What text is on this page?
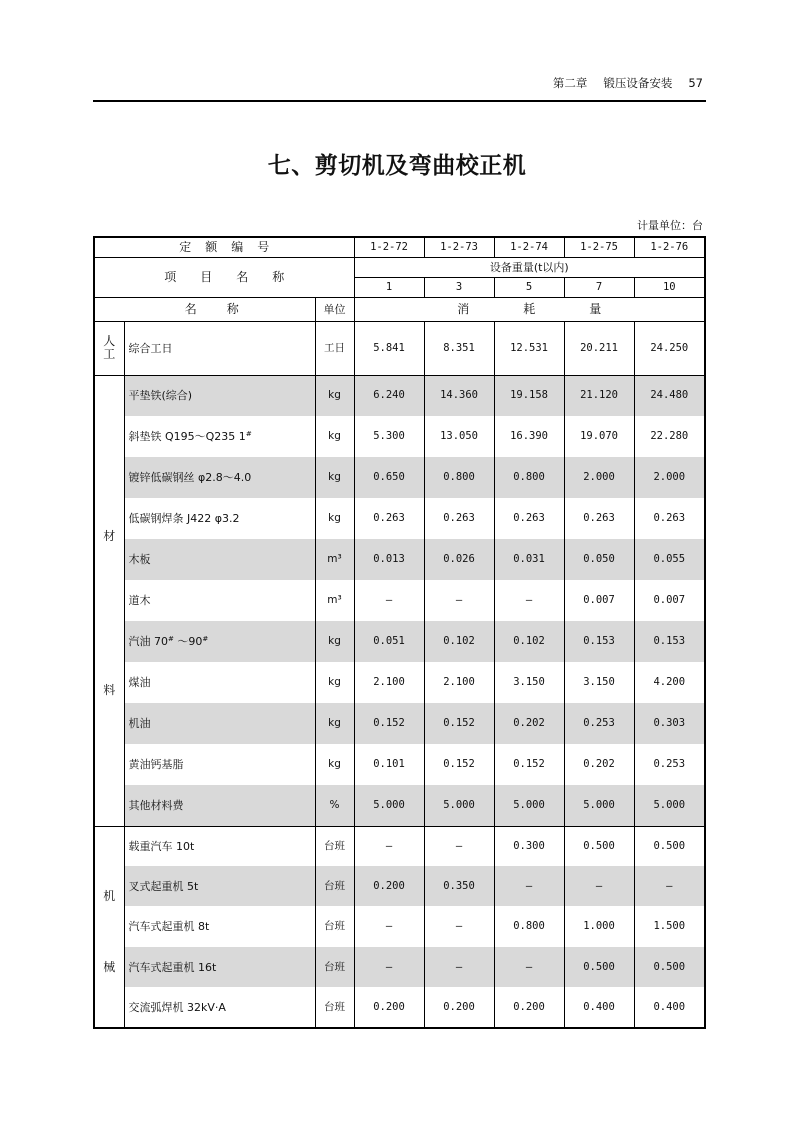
第二章 锻压设备安装 57
七、剪切机及弯曲校正机
计量单位：台
定额编号			1-2-72	1-2-73	1-2-74	1-2-75	1-2-76
项目名称			设备重量(t以内)				
			1	3	5	7	10
名称		单位	消耗量				

人
工	综合工日	工日	5.841	8.351	12.531	20.211	24.250

材
料	平垫铁(综合)	kg	6.240	14.360	19.158	21.120	24.480
	斜垫铁 Q195～Q235 1#	kg	5.300	13.050	16.390	19.070	22.280
	镀锌低碳钢丝 φ2.8～4.0	kg	0.650	0.800	0.800	2.000	2.000
	低碳钢焊条 J422 φ3.2	kg	0.263	0.263	0.263	0.263	0.263
	木板	m³	0.013	0.026	0.031	0.050	0.055
	道木	m³	—	—	—	0.007	0.007
	汽油 70# ～90#	kg	0.051	0.102	0.102	0.153	0.153
	煤油	kg	2.100	2.100	3.150	3.150	4.200
	机油	kg	0.152	0.152	0.202	0.253	0.303
	黄油钙基脂	kg	0.101	0.152	0.152	0.202	0.253
	其他材料费	%	5.000	5.000	5.000	5.000	5.000

机
械	载重汽车 10t	台班	—	—	0.300	0.500	0.500
	叉式起重机 5t	台班	0.200	0.350	—	—	—
	汽车式起重机 8t	台班	—	—	0.800	1.000	1.500
	汽车式起重机 16t	台班	—	—	—	0.500	0.500
	交流弧焊机 32kV·A	台班	0.200	0.200	0.200	0.400	0.400
